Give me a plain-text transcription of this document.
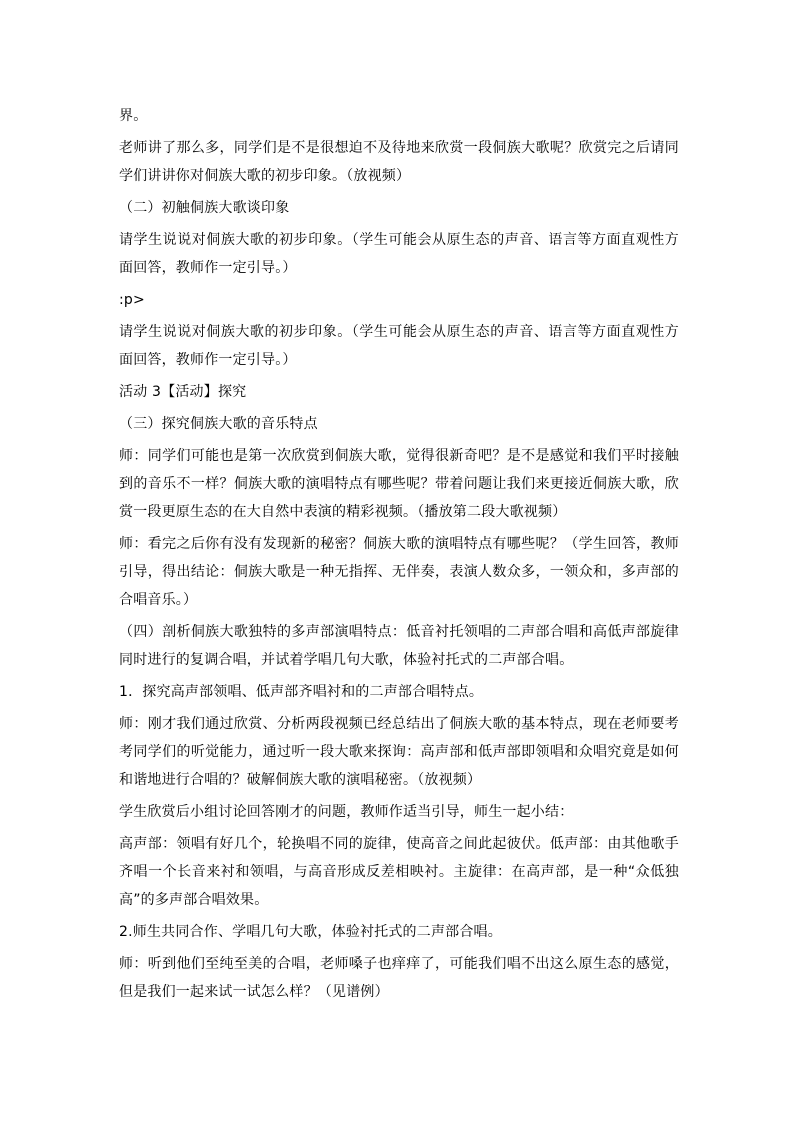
界。

老师讲了那么多，同学们是不是很想迫不及待地来欣赏一段侗族大歌呢？欣赏完之后请同学们讲讲你对侗族大歌的初步印象。（放视频）

（二）初触侗族大歌谈印象

请学生说说对侗族大歌的初步印象。（学生可能会从原生态的声音、语言等方面直观性方面回答，教师作一定引导。）

:p>

请学生说说对侗族大歌的初步印象。（学生可能会从原生态的声音、语言等方面直观性方面回答，教师作一定引导。）

活动 3【活动】探究

（三）探究侗族大歌的音乐特点

师：同学们可能也是第一次欣赏到侗族大歌，觉得很新奇吧？是不是感觉和我们平时接触到的音乐不一样？侗族大歌的演唱特点有哪些呢？带着问题让我们来更接近侗族大歌，欣赏一段更原生态的在大自然中表演的精彩视频。（播放第二段大歌视频）

师：看完之后你有没有发现新的秘密？侗族大歌的演唱特点有哪些呢？（学生回答，教师引导，得出结论：侗族大歌是一种无指挥、无伴奏，表演人数众多，一领众和，多声部的合唱音乐。）

（四）剖析侗族大歌独特的多声部演唱特点：低音衬托领唱的二声部合唱和高低声部旋律同时进行的复调合唱，并试着学唱几句大歌，体验衬托式的二声部合唱。

1．探究高声部领唱、低声部齐唱衬和的二声部合唱特点。

师：刚才我们通过欣赏、分析两段视频已经总结出了侗族大歌的基本特点，现在老师要考考同学们的听觉能力，通过听一段大歌来探询：高声部和低声部即领唱和众唱究竟是如何和谐地进行合唱的？破解侗族大歌的演唱秘密。（放视频）

学生欣赏后小组讨论回答刚才的问题，教师作适当引导，师生一起小结：

高声部：领唱有好几个，轮换唱不同的旋律，使高音之间此起彼伏。低声部：由其他歌手齐唱一个长音来衬和领唱，与高音形成反差相映衬。主旋律：在高声部，是一种“众低独高”的多声部合唱效果。

2.师生共同合作、学唱几句大歌，体验衬托式的二声部合唱。

师：听到他们至纯至美的合唱，老师嗓子也痒痒了，可能我们唱不出这么原生态的感觉，但是我们一起来试一试怎么样？（见谱例）
